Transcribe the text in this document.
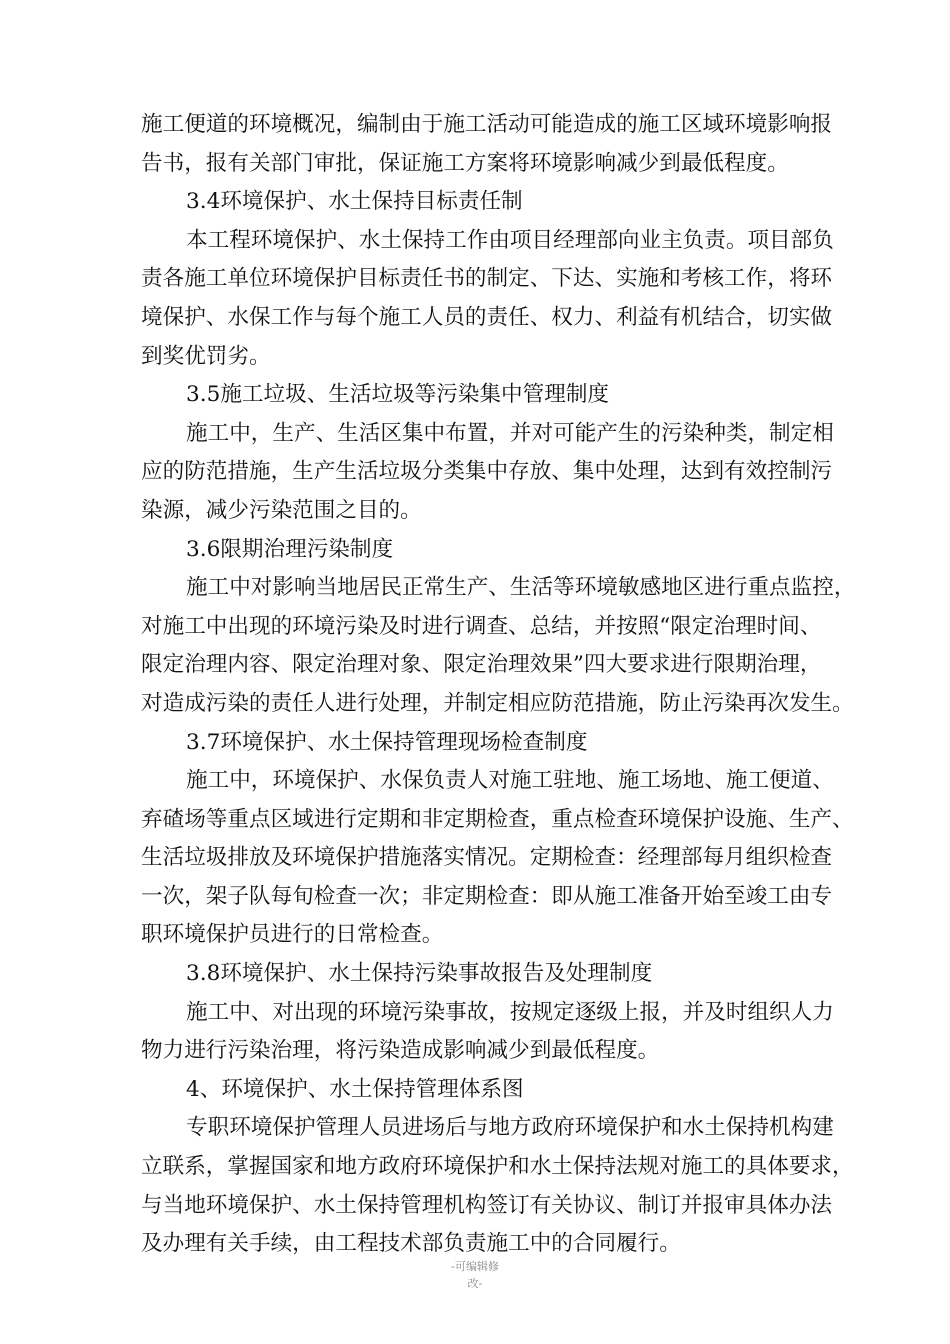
施工便道的环境概况，编制由于施工活动可能造成的施工区域环境影响报
告书，报有关部门审批，保证施工方案将环境影响减少到最低程度。
3.4环境保护、水土保持目标责任制
本工程环境保护、水土保持工作由项目经理部向业主负责。项目部负
责各施工单位环境保护目标责任书的制定、下达、实施和考核工作，将环
境保护、水保工作与每个施工人员的责任、权力、利益有机结合，切实做
到奖优罚劣。
3.5施工垃圾、生活垃圾等污染集中管理制度
施工中，生产、生活区集中布置，并对可能产生的污染种类，制定相
应的防范措施，生产生活垃圾分类集中存放、集中处理，达到有效控制污
染源，减少污染范围之目的。
3.6限期治理污染制度
施工中对影响当地居民正常生产、生活等环境敏感地区进行重点监控，
对施工中出现的环境污染及时进行调查、总结，并按照“限定治理时间、
限定治理内容、限定治理对象、限定治理效果”四大要求进行限期治理，
对造成污染的责任人进行处理，并制定相应防范措施，防止污染再次发生。
3.7环境保护、水土保持管理现场检查制度
施工中，环境保护、水保负责人对施工驻地、施工场地、施工便道、
弃碴场等重点区域进行定期和非定期检查，重点检查环境保护设施、生产、
生活垃圾排放及环境保护措施落实情况。定期检查：经理部每月组织检查
一次，架子队每旬检查一次；非定期检查：即从施工准备开始至竣工由专
职环境保护员进行的日常检查。
3.8环境保护、水土保持污染事故报告及处理制度
施工中、对出现的环境污染事故，按规定逐级上报，并及时组织人力
物力进行污染治理，将污染造成影响减少到最低程度。
4、环境保护、水土保持管理体系图
专职环境保护管理人员进场后与地方政府环境保护和水土保持机构建
立联系，掌握国家和地方政府环境保护和水土保持法规对施工的具体要求，
与当地环境保护、水土保持管理机构签订有关协议、制订并报审具体办法
及办理有关手续，由工程技术部负责施工中的合同履行。
-可编辑修
改-
